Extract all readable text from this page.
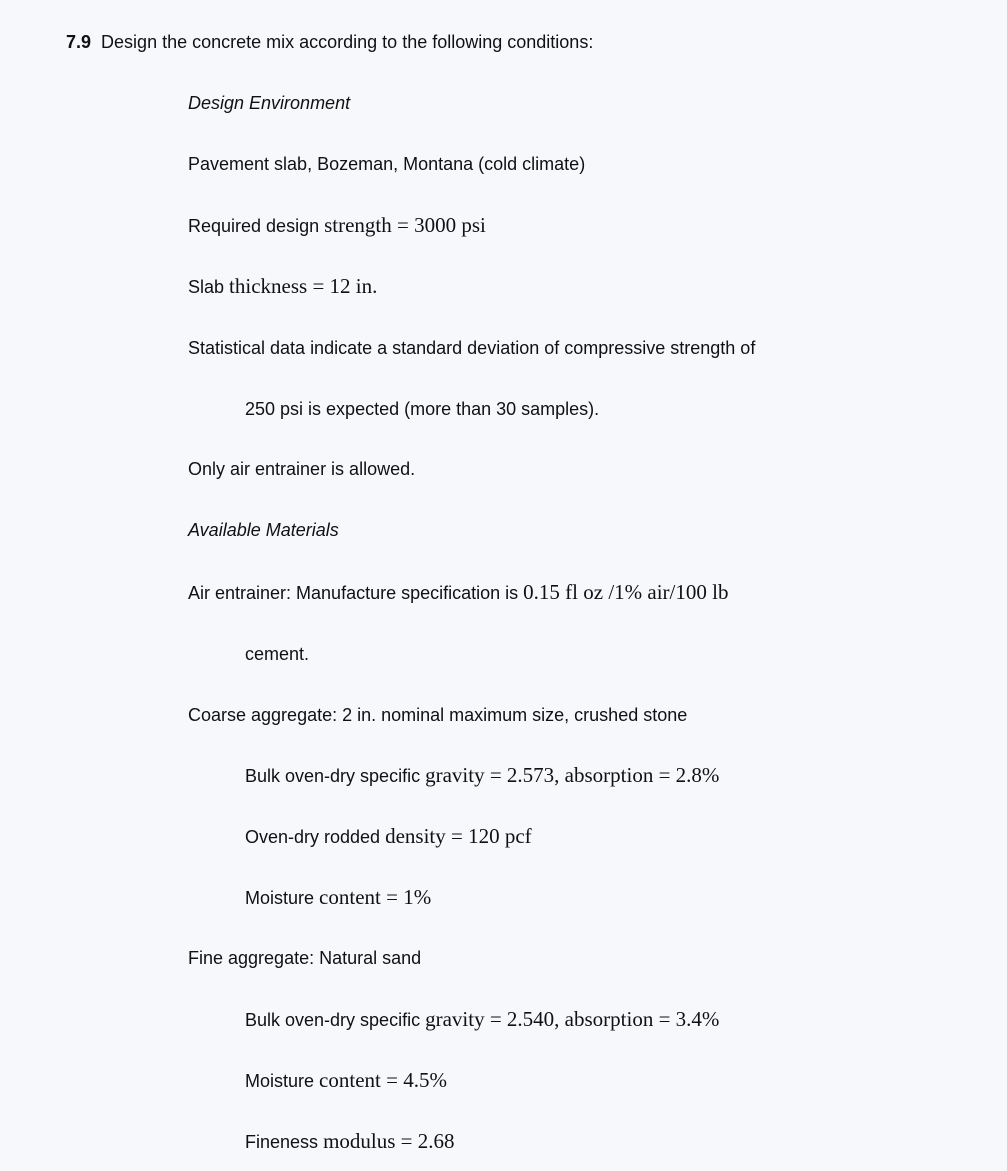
7.9 Design the concrete mix according to the following conditions:
Design Environment
Pavement slab, Bozeman, Montana (cold climate)
Required design strength = 3000 psi
Slab thickness = 12 in.
Statistical data indicate a standard deviation of compressive strength of
250 psi is expected (more than 30 samples).
Only air entrainer is allowed.
Available Materials
Air entrainer: Manufacture specification is 0.15 fl oz /1% air/100 lb
cement.
Coarse aggregate: 2 in. nominal maximum size, crushed stone
Bulk oven-dry specific gravity = 2.573, absorption = 2.8%
Oven-dry rodded density = 120 pcf
Moisture content = 1%
Fine aggregate: Natural sand
Bulk oven-dry specific gravity = 2.540, absorption = 3.4%
Moisture content = 4.5%
Fineness modulus = 2.68
